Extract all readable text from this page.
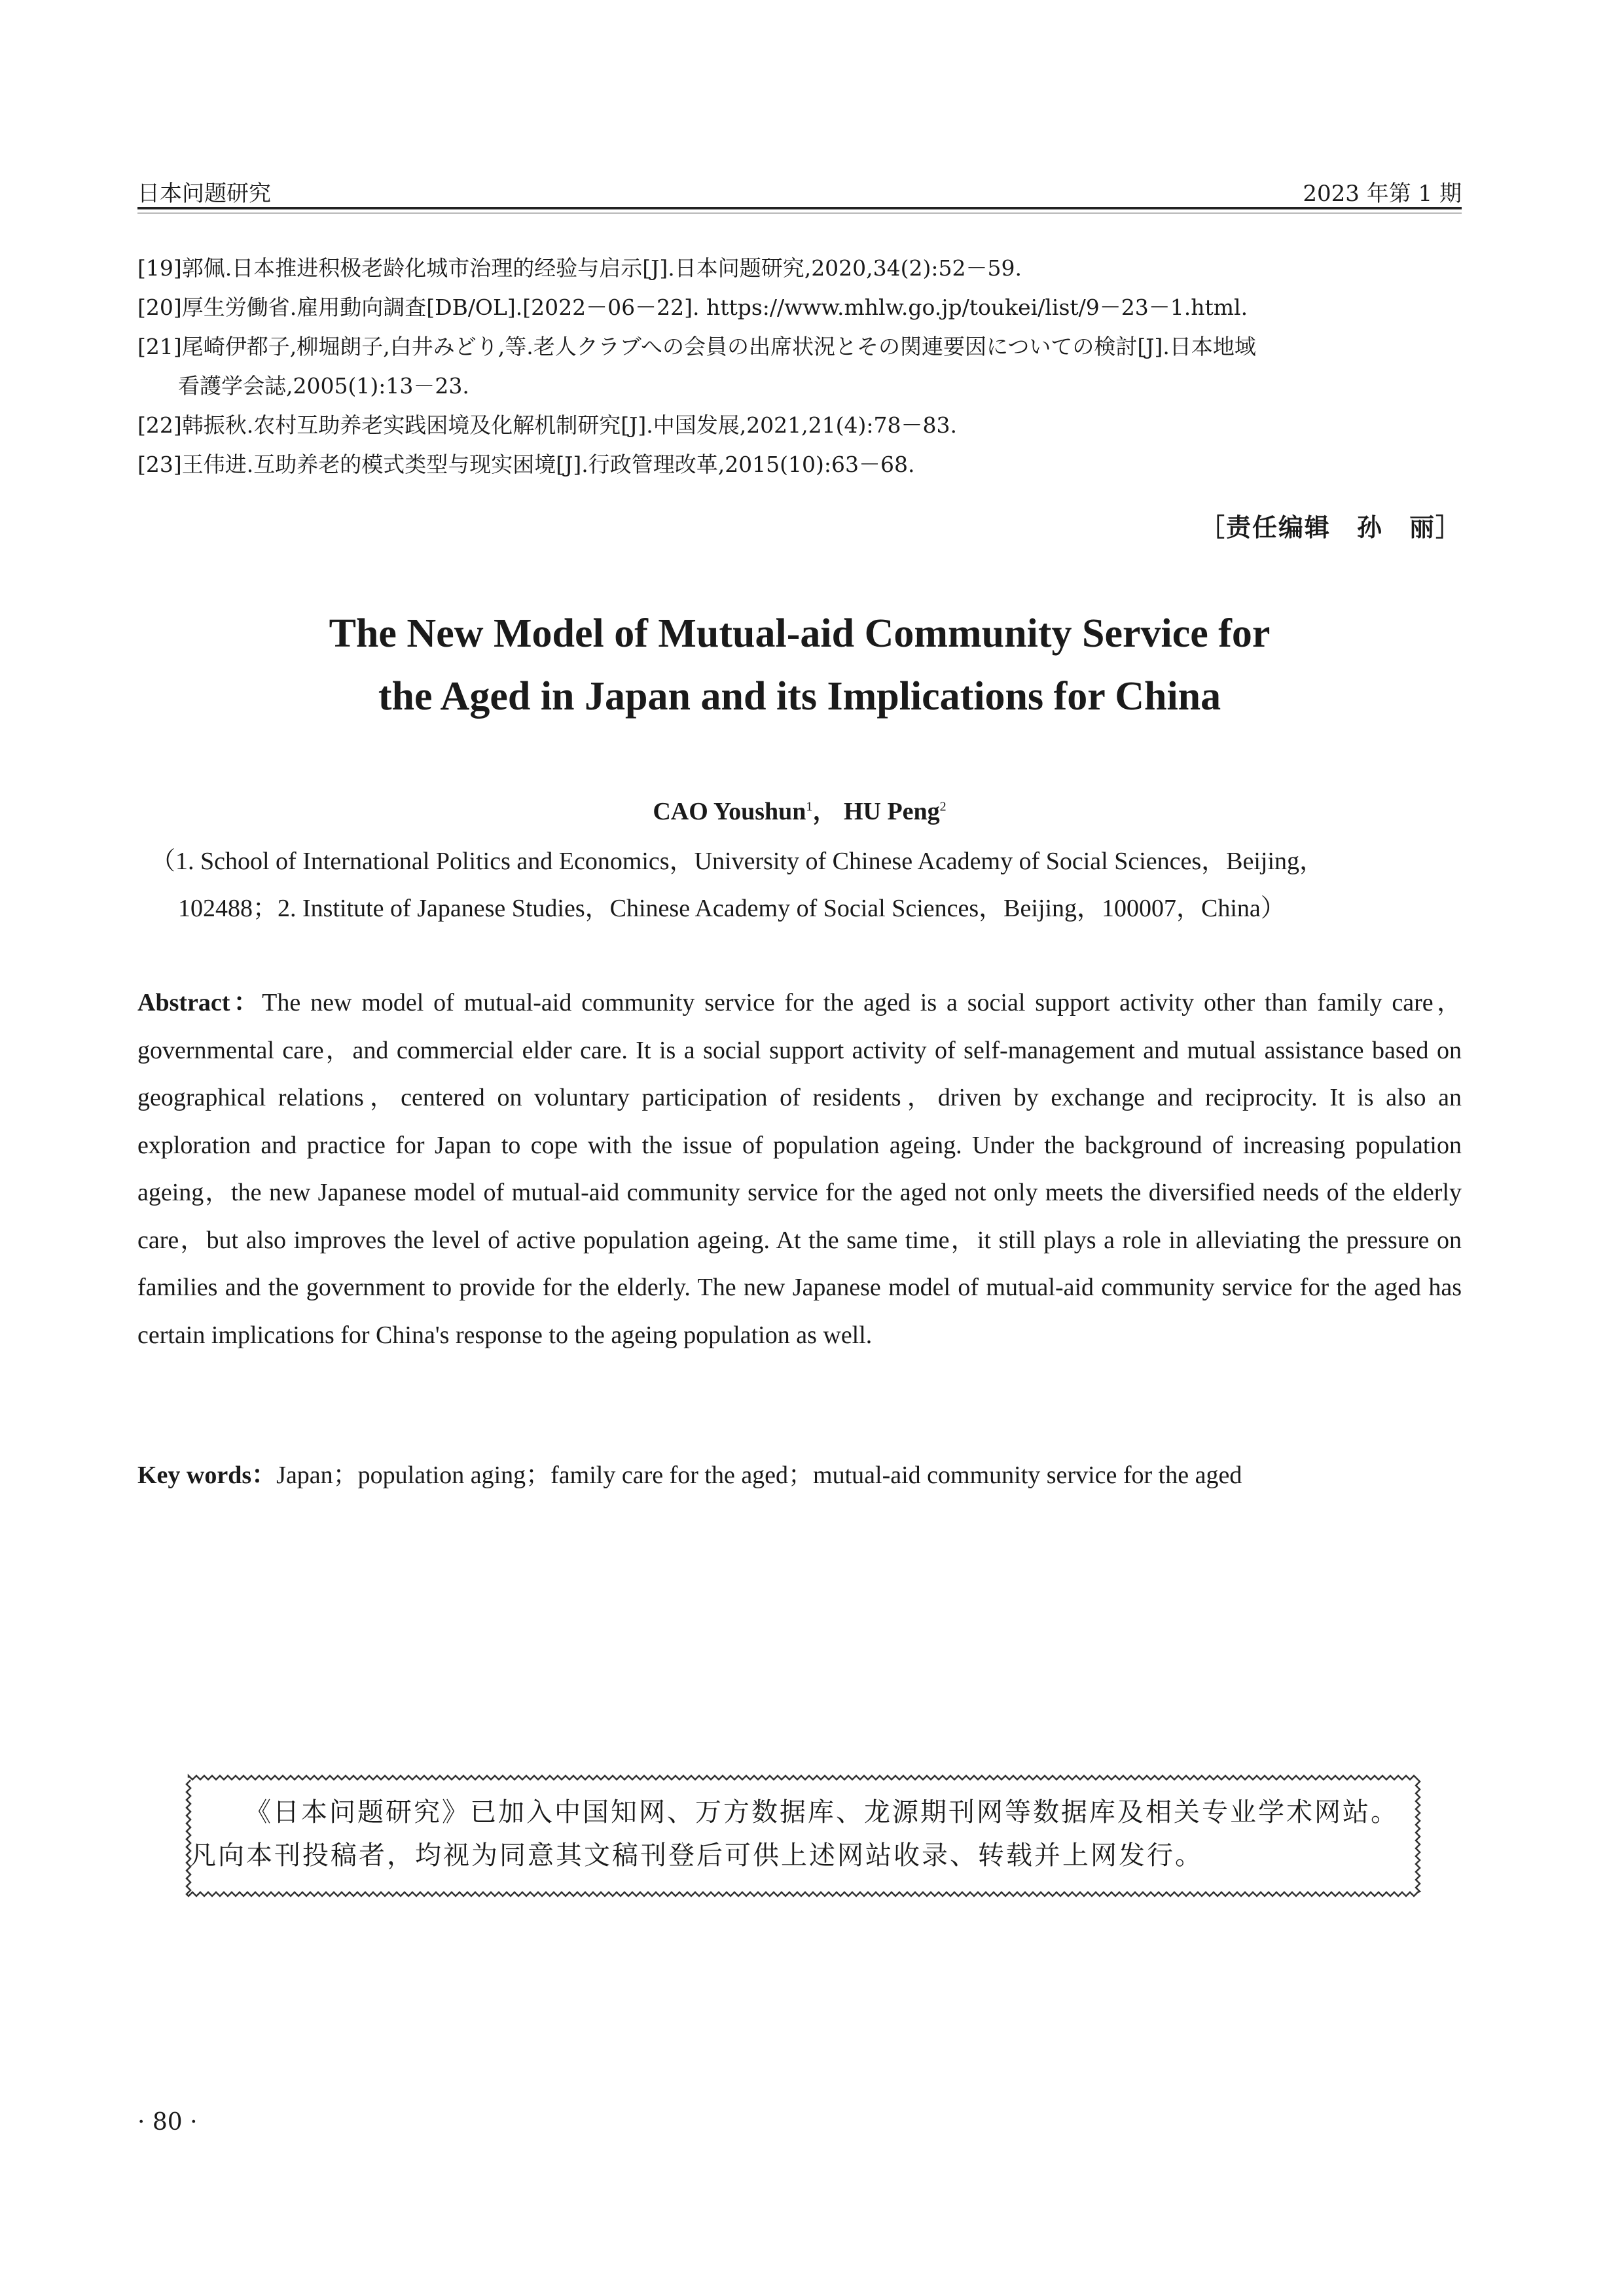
日本问题研究	2023 年第 1 期
[19]郭佩.日本推进积极老龄化城市治理的经验与启示[J].日本问题研究,2020,34(2):52－59.
[20]厚生労働省.雇用動向調査[DB/OL].[2022－06－22]. https://www.mhlw.go.jp/toukei/list/9－23－1.html.
[21]尾崎伊都子,柳堀朗子,白井みどり,等.老人クラブへの会員の出席状況とその関連要因についての検討[J].日本地域
看護学会誌,2005(1):13－23.
[22]韩振秋.农村互助养老实践困境及化解机制研究[J].中国发展,2021,21(4):78－83.
[23]王伟进.互助养老的模式类型与现实困境[J].行政管理改革,2015(10):63－68.
［责任编辑　孙　丽］
The New Model of Mutual-aid Community Service for
the Aged in Japan and its Implications for China
CAO Youshun$^1$， HU Peng$^2$
（1. School of International Politics and Economics，University of Chinese Academy of Social Sciences，Beijing，
102488；2. Institute of Japanese Studies，Chinese Academy of Social Sciences，Beijing，100007，China）
Abstract：The new model of mutual-aid community service for the aged is a social support activity other than family care，governmental care，and commercial elder care. It is a social support activity of self-management and mutual assistance based on geographical relations，centered on voluntary participation of residents，driven by exchange and reciprocity. It is also an exploration and practice for Japan to cope with the issue of population ageing. Under the background of increasing population ageing，the new Japanese model of mutual-aid community service for the aged not only meets the diversified needs of the elderly care，but also improves the level of active population ageing. At the same time，it still plays a role in alleviating the pressure on families and the government to provide for the elderly. The new Japanese model of mutual-aid community service for the aged has certain implications for China's response to the ageing population as well.
Key words：Japan；population aging；family care for the aged；mutual-aid community service for the aged
《日本问题研究》已加入中国知网、万方数据库、龙源期刊网等数据库及相关专业学术网站。凡向本刊投稿者，均视为同意其文稿刊登后可供上述网站收录、转载并上网发行。
· 80 ·
